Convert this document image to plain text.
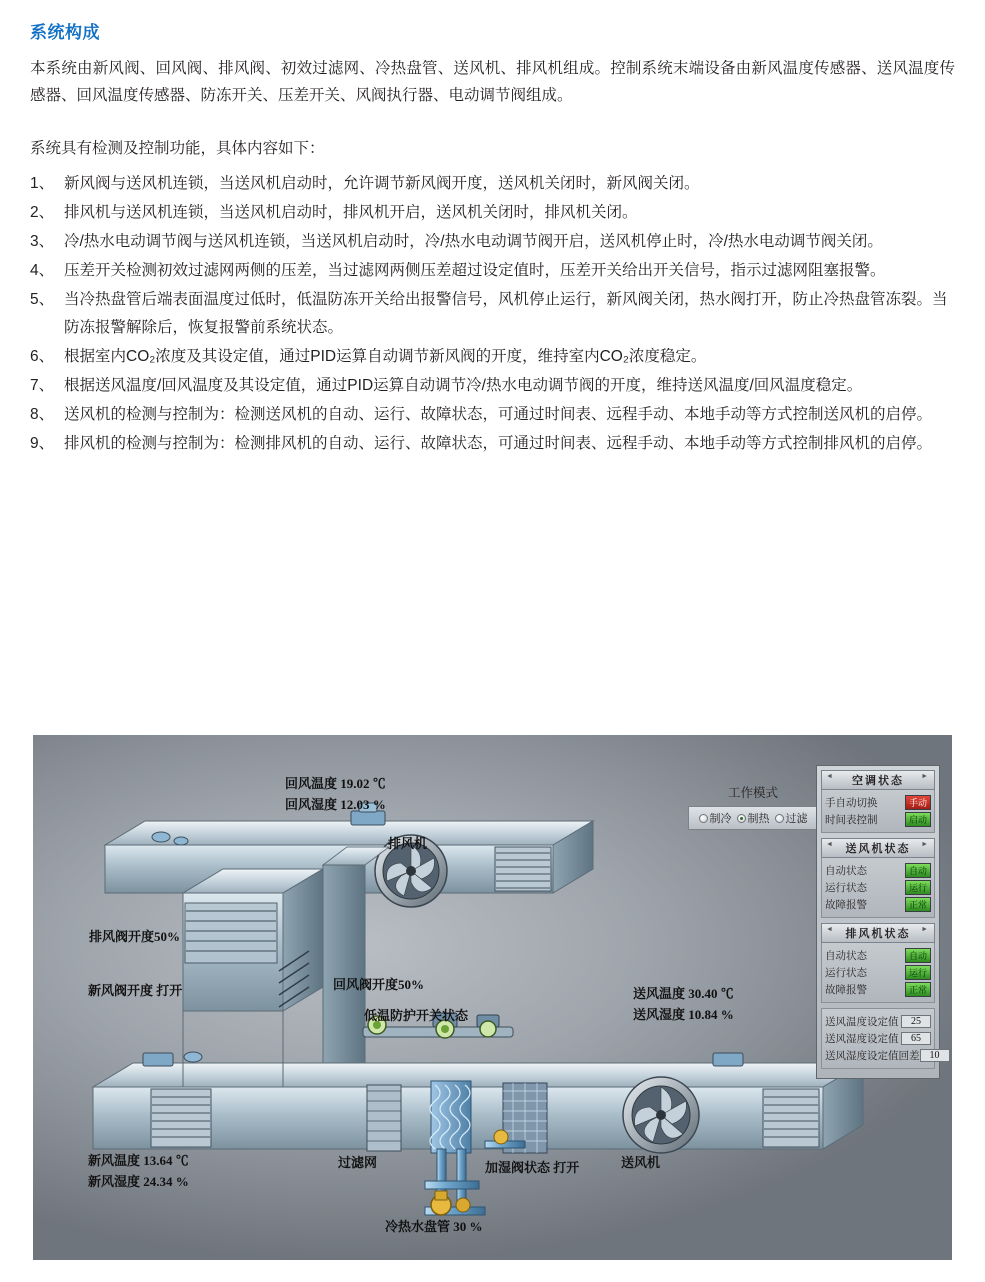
系统构成

本系统由新风阀、回风阀、排风阀、初效过滤网、冷热盘管、送风机、排风机组成。控制系统末端设备由新风温度传感器、送风温度传感器、回风温度传感器、防冻开关、压差开关、风阀执行器、电动调节阀组成。

系统具有检测及控制功能，具体内容如下：

1、 新风阀与送风机连锁，当送风机启动时，允许调节新风阀开度，送风机关闭时，新风阀关闭。
2、 排风机与送风机连锁，当送风机启动时，排风机开启，送风机关闭时，排风机关闭。
3、 冷/热水电动调节阀与送风机连锁，当送风机启动时，冷/热水电动调节阀开启，送风机停止时，冷/热水电动调节阀关闭。
4、 压差开关检测初效过滤网两侧的压差，当过滤网两侧压差超过设定值时，压差开关给出开关信号，指示过滤网阻塞报警。
5、 当冷热盘管后端表面温度过低时，低温防冻开关给出报警信号，风机停止运行，新风阀关闭，热水阀打开，防止冷热盘管冻裂。当防冻报警解除后，恢复报警前系统状态。
6、 根据室内CO₂浓度及其设定值，通过PID运算自动调节新风阀的开度，维持室内CO₂浓度稳定。
7、 根据送风温度/回风温度及其设定值，通过PID运算自动调节冷/热水电动调节阀的开度，维持送风温度/回风温度稳定。
8、 送风机的检测与控制为：检测送风机的自动、运行、故障状态，可通过时间表、远程手动、本地手动等方式控制送风机的启停。
9、 排风机的检测与控制为：检测排风机的自动、运行、故障状态，可通过时间表、远程手动、本地手动等方式控制排风机的启停。
回风温度 19.02 ℃
回风湿度 12.03 %
排风机
排风阀开度50%
回风阀开度50%
新风阀开度 打开
低温防护开关状态
送风温度 30.40 ℃
送风湿度 10.84 %
新风温度 13.64 ℃
新风湿度 24.34 %
过滤网	加湿阀状态 打开	送风机
冷热水盘管 30 %
工作模式
制冷	制热	过滤
◄ 空调状态 ►
手自动切换	手动
时间表控制	启动
◄ 送风机状态 ►
自动状态	自动
运行状态	运行
故障报警	正常
◄ 排风机状态 ►
自动状态	自动
运行状态	运行
故障报警	正常
送风温度设定值	25
送风湿度设定值	65
送风湿度设定值回差	10
